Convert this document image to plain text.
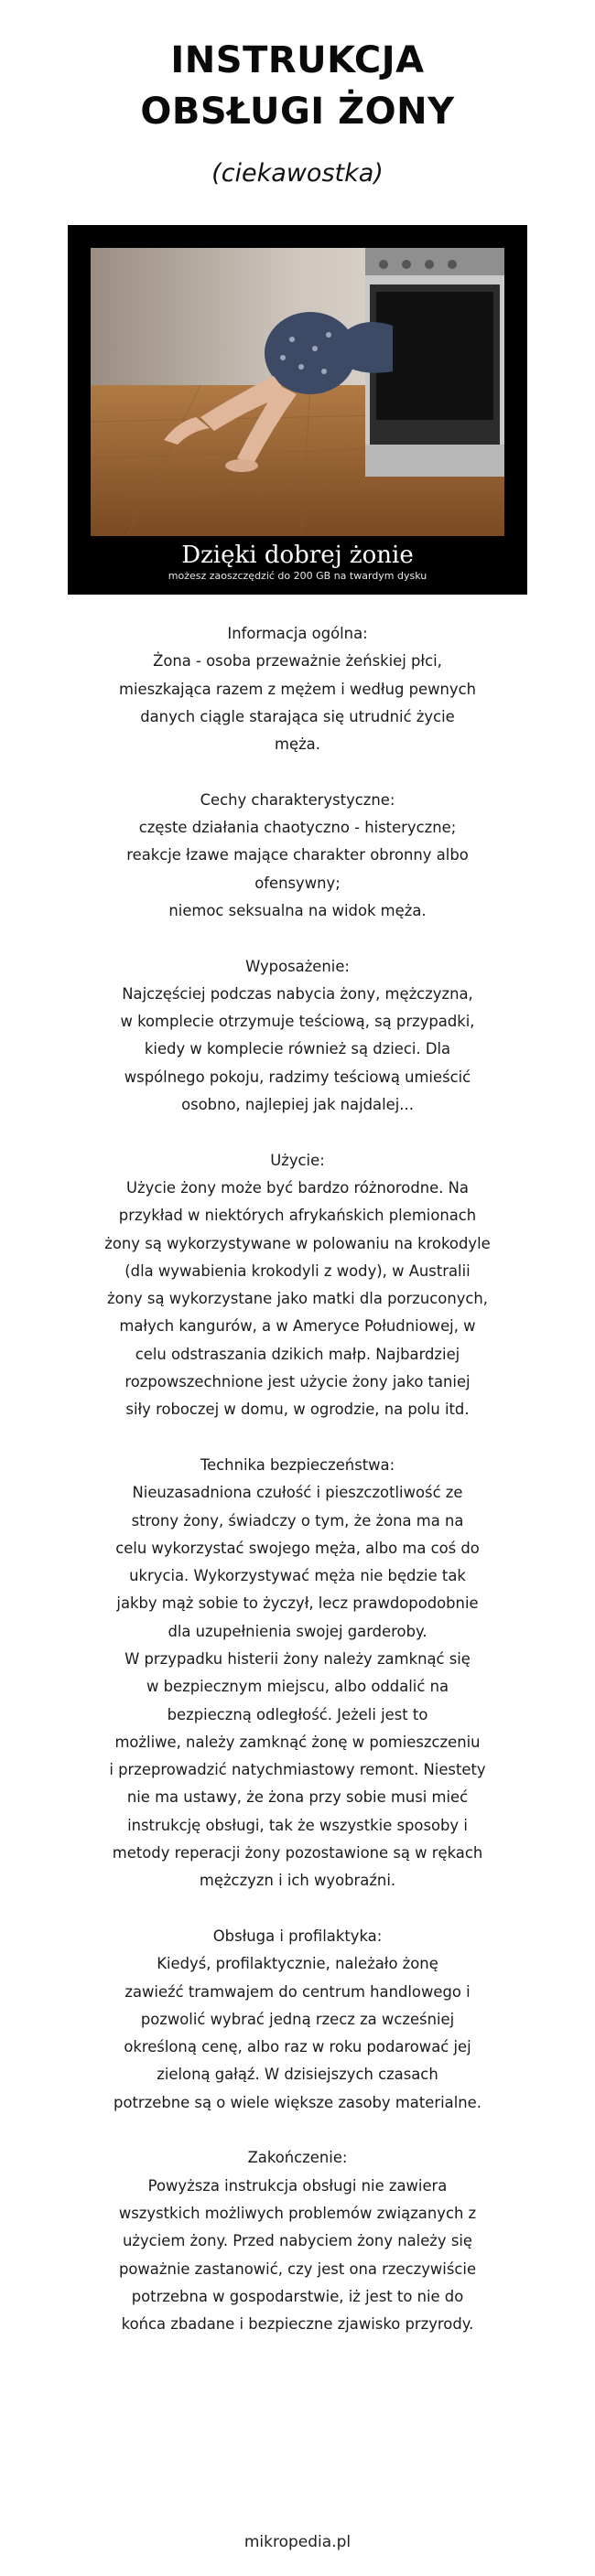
INSTRUKCJA
OBSŁUGI ŻONY
(ciekawostka)
Dzięki dobrej żonie
możesz zaoszczędzić do 200 GB na twardym dysku

Informacja ogólna:

Żona - osoba przeważnie żeńskiej płci,

mieszkająca razem z mężem i według pewnych

danych ciągle starająca się utrudnić życie

męża.

Cechy charakterystyczne:

częste działania chaotyczno - histeryczne;

reakcje łzawe mające charakter obronny albo

ofensywny;

niemoc seksualna na widok męża.

Wyposażenie:

Najczęściej podczas nabycia żony, mężczyzna,

w komplecie otrzymuje teściową, są przypadki,

kiedy w komplecie również są dzieci. Dla

wspólnego pokoju, radzimy teściową umieścić

osobno, najlepiej jak najdalej...

Użycie:

Użycie żony może być bardzo różnorodne. Na

przykład w niektórych afrykańskich plemionach

żony są wykorzystywane w polowaniu na krokodyle

(dla wywabienia krokodyli z wody), w Australii

żony są wykorzystane jako matki dla porzuconych,

małych kangurów, a w Ameryce Południowej, w

celu odstraszania dzikich małp. Najbardziej

rozpowszechnione jest użycie żony jako taniej

siły roboczej w domu, w ogrodzie, na polu itd.

Technika bezpieczeństwa:

Nieuzasadniona czułość i pieszczotliwość ze

strony żony, świadczy o tym, że żona ma na

celu wykorzystać swojego męża, albo ma coś do

ukrycia. Wykorzystywać męża nie będzie tak

jakby mąż sobie to życzył, lecz prawdopodobnie

dla uzupełnienia swojej garderoby.

W przypadku histerii żony należy zamknąć się

w bezpiecznym miejscu, albo oddalić na

bezpieczną odległość. Jeżeli jest to

możliwe, należy zamknąć żonę w pomieszczeniu

i przeprowadzić natychmiastowy remont. Niestety

nie ma ustawy, że żona przy sobie musi mieć

instrukcję obsługi, tak że wszystkie sposoby i

metody reperacji żony pozostawione są w rękach

mężczyzn i ich wyobraźni.

Obsługa i profilaktyka:

Kiedyś, profilaktycznie, należało żonę

zawieźć tramwajem do centrum handlowego i

pozwolić wybrać jedną rzecz za wcześniej

określoną cenę, albo raz w roku podarować jej

zieloną gałąź. W dzisiejszych czasach

potrzebne są o wiele większe zasoby materialne.

Zakończenie:

Powyższa instrukcja obsługi nie zawiera

wszystkich możliwych problemów związanych z

użyciem żony. Przed nabyciem żony należy się

poważnie zastanowić, czy jest ona rzeczywiście

potrzebna w gospodarstwie, iż jest to nie do

końca zbadane i bezpieczne zjawisko przyrody.

mikropedia.pl
